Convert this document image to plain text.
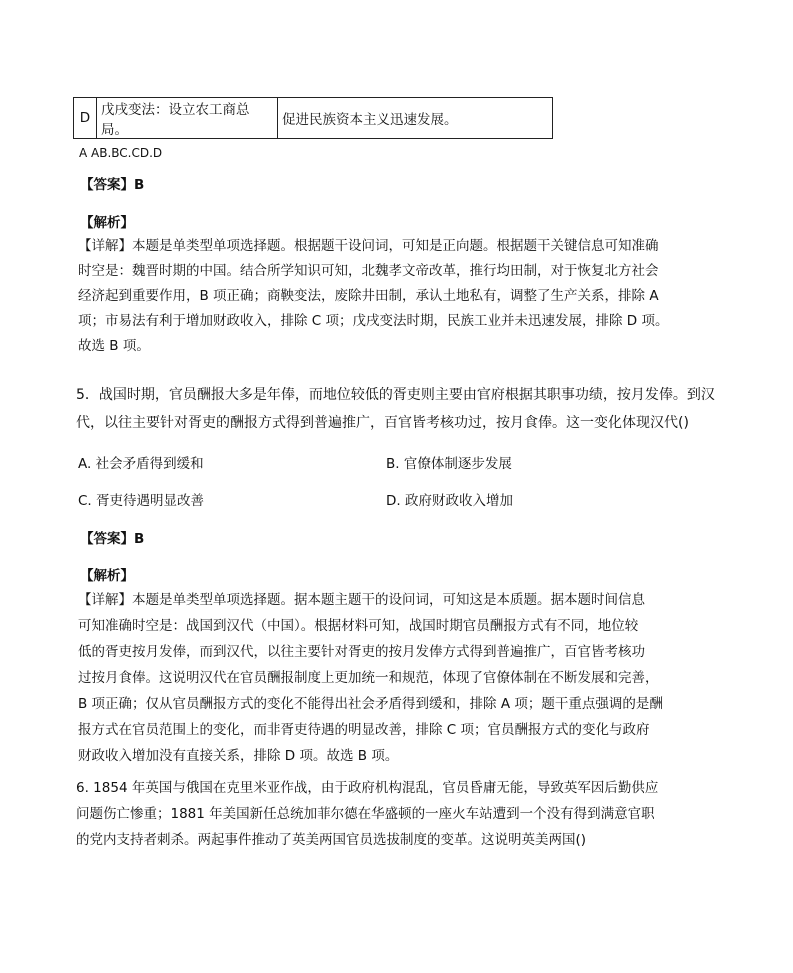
D	戊戌变法：设立农工商总局。	促进民族资本主义迅速发展。
A AB.BC.CD.D
【答案】B
【解析】
【详解】本题是单类型单项选择题。根据题干设问词，可知是正向题。根据题干关键信息可知准确
时空是：魏晋时期的中国。结合所学知识可知，北魏孝文帝改革，推行均田制，对于恢复北方社会
经济起到重要作用，B 项正确；商鞅变法，废除井田制，承认土地私有，调整了生产关系，排除 A
项；市易法有利于增加财政收入，排除 C 项；戊戌变法时期，民族工业并未迅速发展，排除 D 项。
故选 B 项。
5．战国时期，官员酬报大多是年俸，而地位较低的胥吏则主要由官府根据其职事功绩，按月发俸。到汉
代，以往主要针对胥吏的酬报方式得到普遍推广，百官皆考核功过，按月食俸。这一变化体现汉代()
A. 社会矛盾得到缓和	B. 官僚体制逐步发展
C. 胥吏待遇明显改善	D. 政府财政收入增加
【答案】B
【解析】
【详解】本题是单类型单项选择题。据本题主题干的设问词，可知这是本质题。据本题时间信息
可知准确时空是：战国到汉代（中国）。根据材料可知，战国时期官员酬报方式有不同，地位较
低的胥吏按月发俸，而到汉代，以往主要针对胥吏的按月发俸方式得到普遍推广，百官皆考核功
过按月食俸。这说明汉代在官员酬报制度上更加统一和规范，体现了官僚体制在不断发展和完善，
B 项正确；仅从官员酬报方式的变化不能得出社会矛盾得到缓和，排除 A 项；题干重点强调的是酬
报方式在官员范围上的变化，而非胥吏待遇的明显改善，排除 C 项；官员酬报方式的变化与政府
财政收入增加没有直接关系，排除 D 项。故选 B 项。
6. 1854 年英国与俄国在克里米亚作战，由于政府机构混乱，官员昏庸无能，导致英军因后勤供应
问题伤亡惨重；1881 年美国新任总统加菲尔德在华盛顿的一座火车站遭到一个没有得到满意官职
的党内支持者刺杀。两起事件推动了英美两国官员选拔制度的变革。这说明英美两国()
